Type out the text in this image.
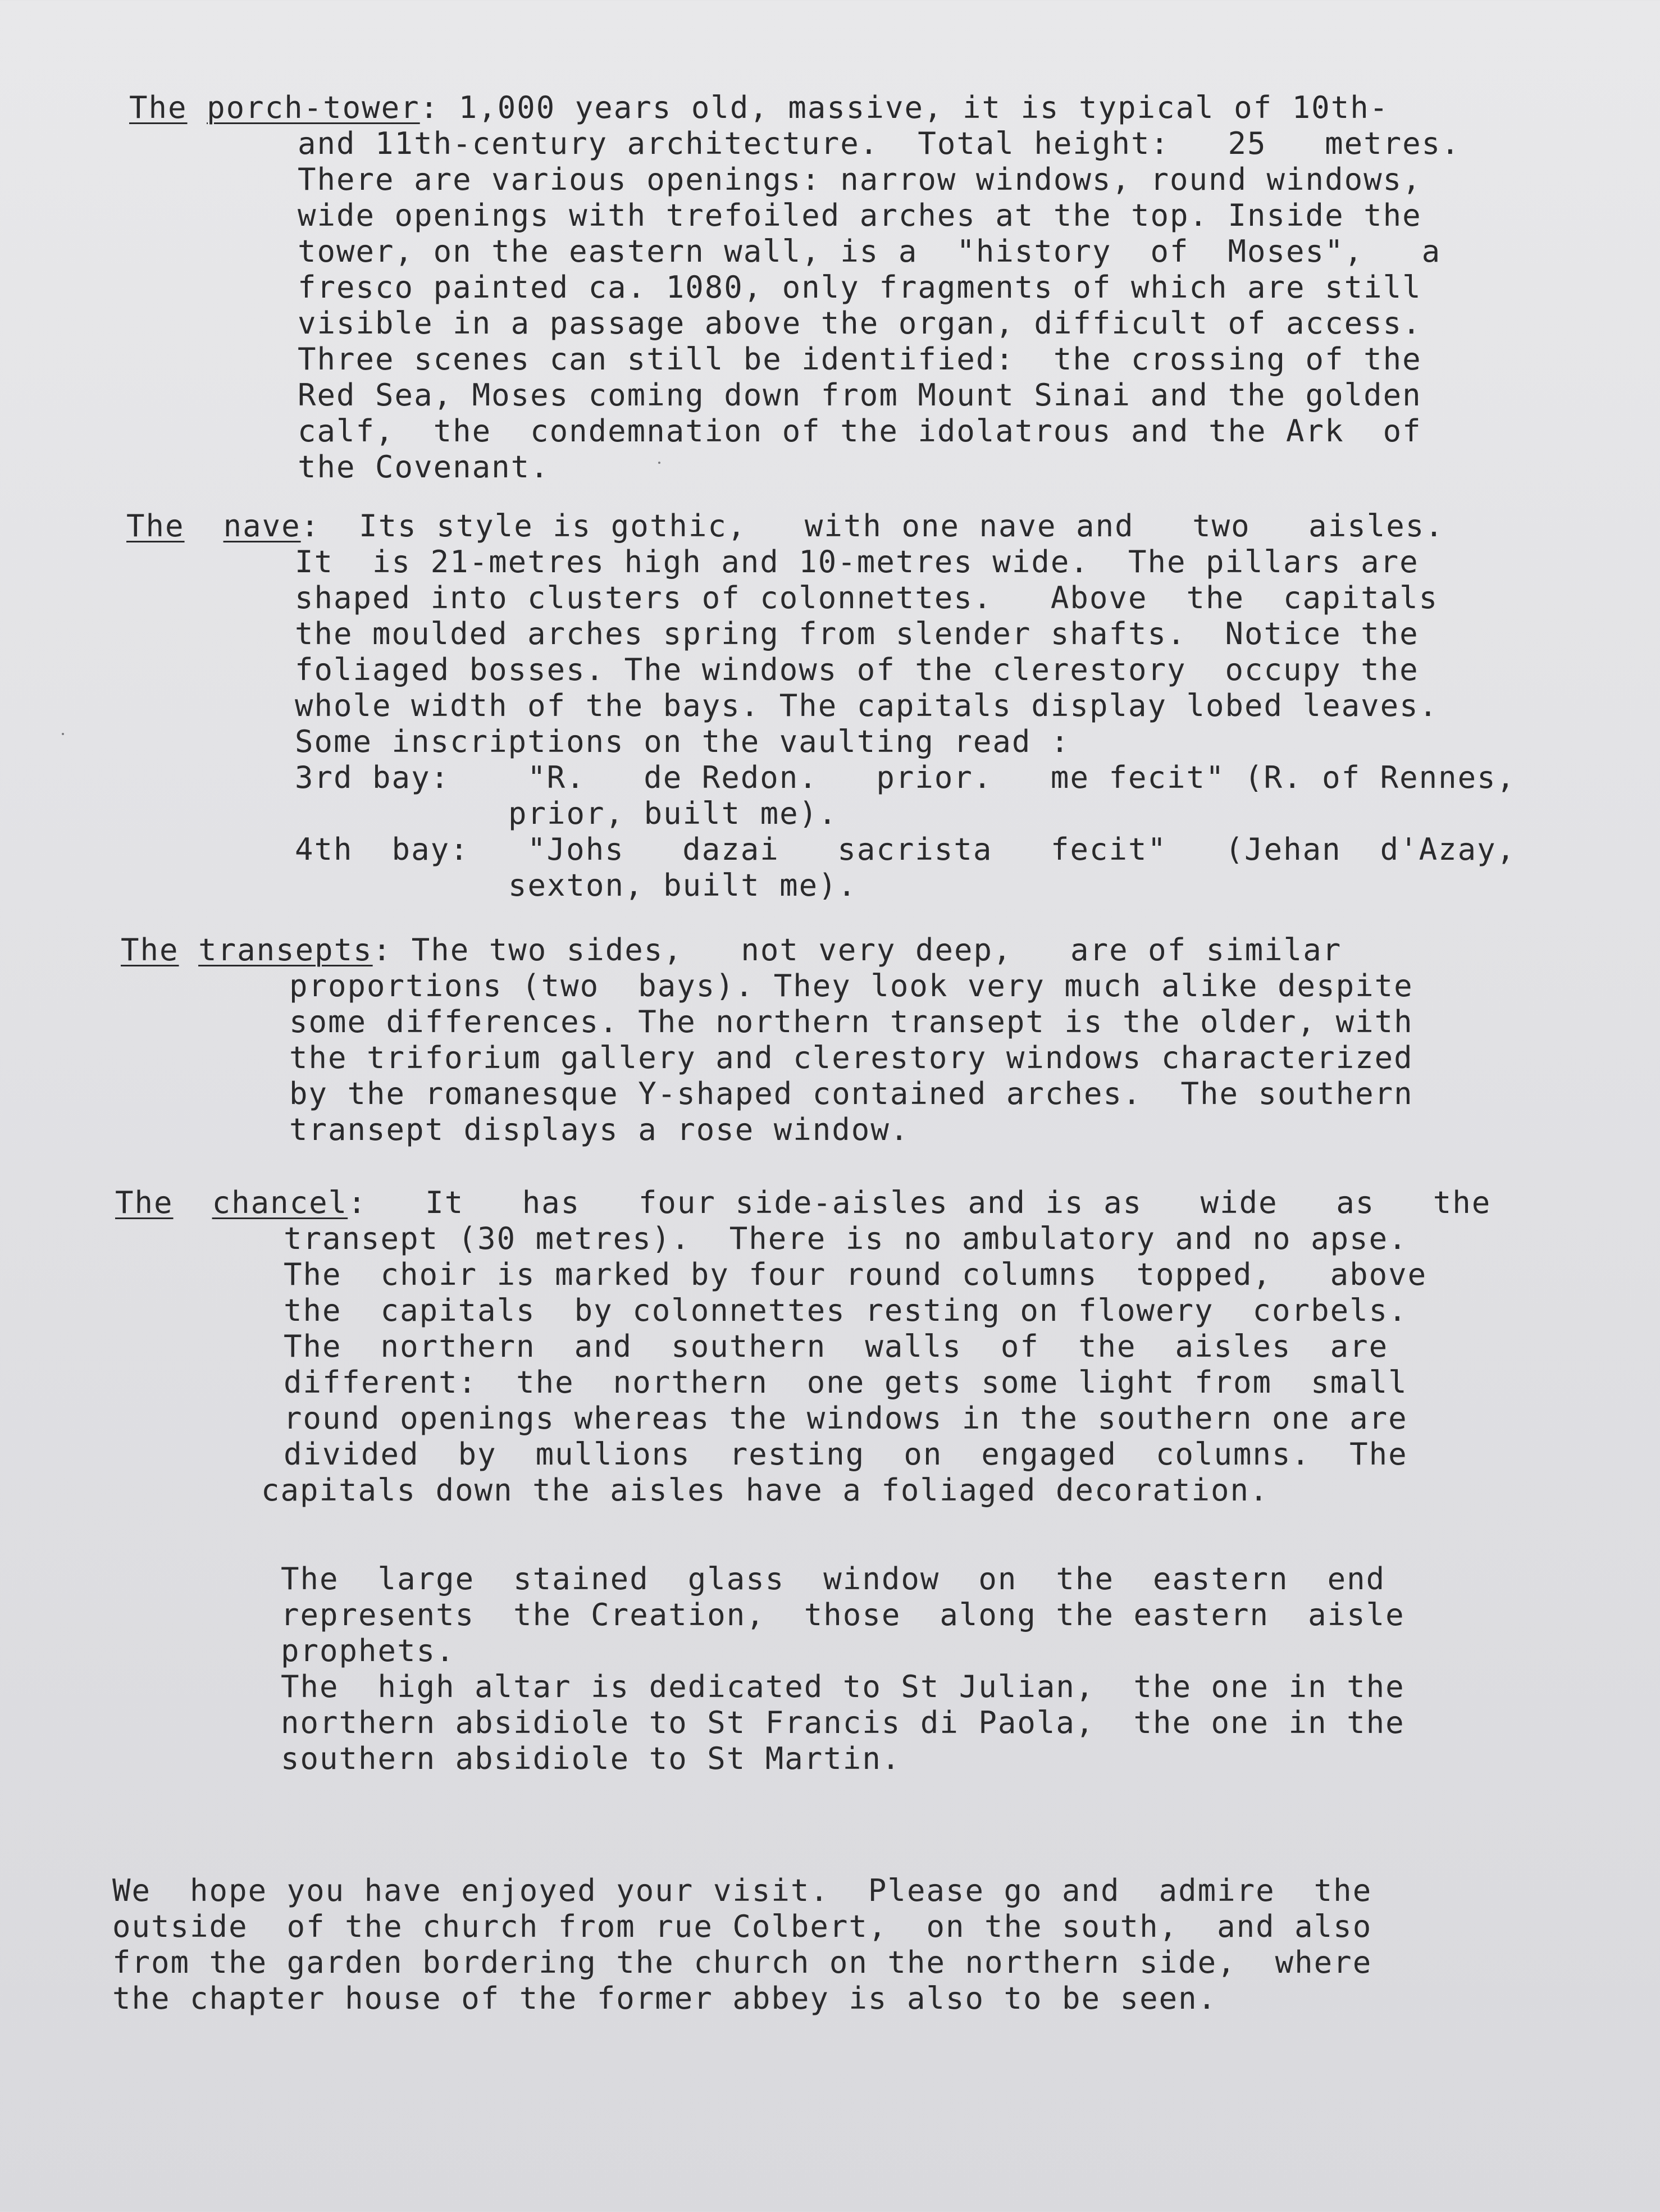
The porch-tower: 1,000 years old, massive, it is typical of 10th-
and 11th-century architecture.  Total height:   25   metres.
There are various openings: narrow windows, round windows,
wide openings with trefoiled arches at the top. Inside the
tower, on the eastern wall, is a  "history  of  Moses",   a
fresco painted ca. 1080, only fragments of which are still
visible in a passage above the organ, difficult of access.
Three scenes can still be identified:  the crossing of the
Red Sea, Moses coming down from Mount Sinai and the golden
calf,  the  condemnation of the idolatrous and the Ark  of
the Covenant.
The nave:  Its style is gothic,   with one nave and   two   aisles.
It  is 21-metres high and 10-metres wide.  The pillars are
shaped into clusters of colonnettes.   Above  the  capitals
the moulded arches spring from slender shafts.  Notice the
foliaged bosses. The windows of the clerestory  occupy the
whole width of the bays. The capitals display lobed leaves.
Some inscriptions on the vaulting read :
3rd bay:	"R.   de Redon.   prior.   me fecit" (R. of Rennes,
prior, built me).
4th  bay: "Johs   dazai   sacrista   fecit"   (Jehan  d'Azay,
sexton, built me).
The transepts: The two sides,   not very deep,   are of similar
proportions (two  bays). They look very much alike despite
some differences. The northern transept is the older, with
the triforium gallery and clerestory windows characterized
by the romanesque Y-shaped contained arches.  The southern
transept displays a rose window.
The chancel:   It   has   four side-aisles and is as   wide   as   the
transept (30 metres).  There is no ambulatory and no apse.
The  choir is marked by four round columns  topped,   above
the  capitals  by colonnettes resting on flowery  corbels.
The  northern  and  southern  walls  of  the  aisles  are
different:  the  northern  one gets some light from  small
round openings whereas the windows in the southern one are
divided  by  mullions  resting  on  engaged  columns.  The
capitals down the aisles have a foliaged decoration.
The  large  stained  glass  window  on  the  eastern  end
represents  the Creation,  those  along the eastern  aisle
prophets.
The  high altar is dedicated to St Julian,  the one in the
northern absidiole to St Francis di Paola,  the one in the
southern absidiole to St Martin.
We  hope you have enjoyed your visit.  Please go and  admire  the
outside  of the church from rue Colbert,  on the south,  and also
from the garden bordering the church on the northern side,  where
the chapter house of the former abbey is also to be seen.
